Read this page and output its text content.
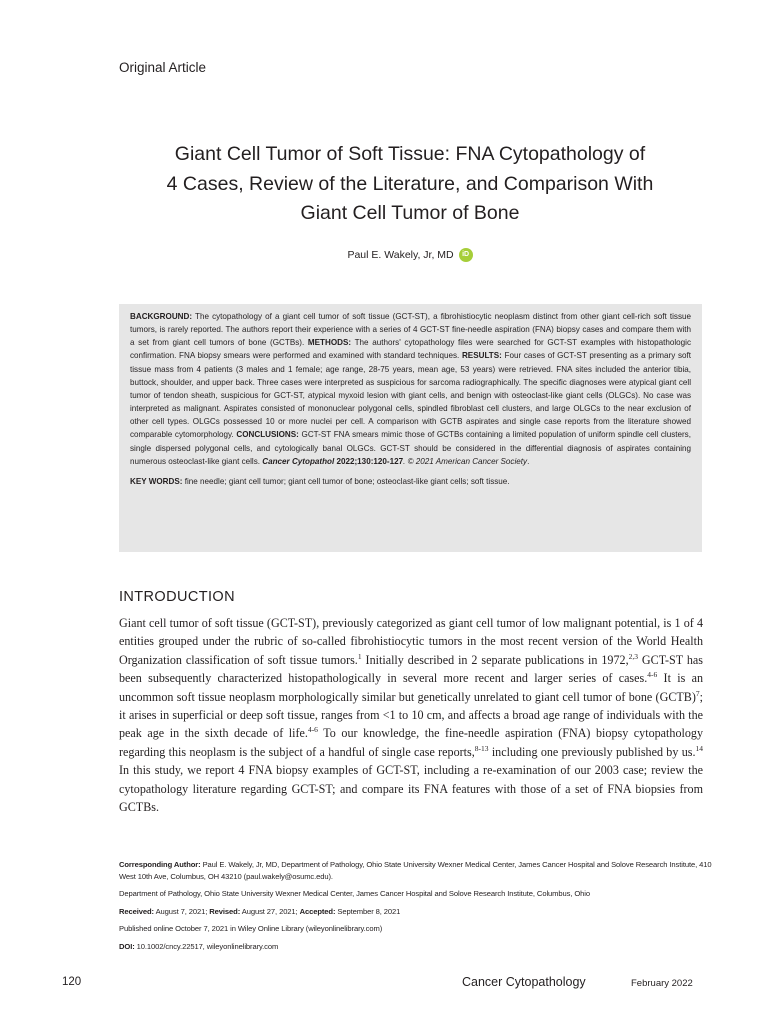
Original Article
Giant Cell Tumor of Soft Tissue: FNA Cytopathology of
4 Cases, Review of the Literature, and Comparison With
Giant Cell Tumor of Bone
Paul E. Wakely, Jr, MD iD

BACKGROUND: The cytopathology of a giant cell tumor of soft tissue (GCT-ST), a fibrohistiocytic neoplasm distinct from other giant cell-rich soft tissue tumors, is rarely reported. The authors report their experience with a series of 4 GCT-ST fine-needle aspiration (FNA) biopsy cases and compare them with a set from giant cell tumors of bone (GCTBs). METHODS: The authors' cytopathology files were searched for GCT-ST examples with histopathologic confirmation. FNA biopsy smears were performed and examined with standard techniques. RESULTS: Four cases of GCT-ST presenting as a primary soft tissue mass from 4 patients (3 males and 1 female; age range, 28-75 years, mean age, 53 years) were retrieved. FNA sites included the anterior tibia, buttock, shoulder, and upper back. Three cases were interpreted as suspicious for sarcoma radiographically. The specific diagnoses were atypical giant cell tumor of tendon sheath, suspicious for GCT-ST, atypical myxoid lesion with giant cells, and benign with osteoclast-like giant cells (OLGCs). No case was interpreted as malignant. Aspirates consisted of mononuclear polygonal cells, spindled fibroblast cell clusters, and large OLGCs to the near exclusion of other cell types. OLGCs possessed 10 or more nuclei per cell. A comparison with GCTB aspirates and single case reports from the literature showed comparable cytomorphology. CONCLUSIONS: GCT-ST FNA smears mimic those of GCTBs containing a limited population of uniform spindle cell clusters, single dispersed polygonal cells, and cytologically banal OLGCs. GCT-ST should be considered in the differential diagnosis of aspirates containing numerous osteoclast-like giant cells. Cancer Cytopathol 2022;130:120-127. © 2021 American Cancer Society.

KEY WORDS: fine needle; giant cell tumor; giant cell tumor of bone; osteoclast-like giant cells; soft tissue.

INTRODUCTION

Giant cell tumor of soft tissue (GCT-ST), previously categorized as giant cell tumor of low malignant potential, is 1 of 4 entities grouped under the rubric of so-called fibrohistiocytic tumors in the most recent version of the World Health Organization classification of soft tissue tumors.$^1$ Initially described in 2 separate publications in 1972,$^{2,3}$ GCT-ST has been subsequently characterized histopathologically in several more recent and larger series of cases.$^{4-6}$ It is an uncommon soft tissue neoplasm morphologically similar but genetically unrelated to giant cell tumor of bone (GCTB)$^7$; it arises in superficial or deep soft tissue, ranges from <1 to 10 cm, and affects a broad age range of individuals with the peak age in the sixth decade of life.$^{4-6}$ To our knowledge, the fine-needle aspiration (FNA) biopsy cytopathology regarding this neoplasm is the subject of a handful of single case reports,$^{8-13}$ including one previously published by us.$^{14}$ In this study, we report 4 FNA biopsy examples of GCT-ST, including a re-examination of our 2003 case; review the cytopathology literature regarding GCT-ST; and compare its FNA features with those of a set of FNA biopsies from GCTBs.

Corresponding Author: Paul E. Wakely, Jr, MD, Department of Pathology, Ohio State University Wexner Medical Center, James Cancer Hospital and Solove Research Institute, 410 West 10th Ave, Columbus, OH 43210 (paul.wakely@osumc.edu).

Department of Pathology, Ohio State University Wexner Medical Center, James Cancer Hospital and Solove Research Institute, Columbus, Ohio

Received: August 7, 2021; Revised: August 27, 2021; Accepted: September 8, 2021

Published online October 7, 2021 in Wiley Online Library (wileyonlinelibrary.com)

DOI: 10.1002/cncy.22517, wileyonlinelibrary.com

120	Cancer Cytopathology	February 2022
